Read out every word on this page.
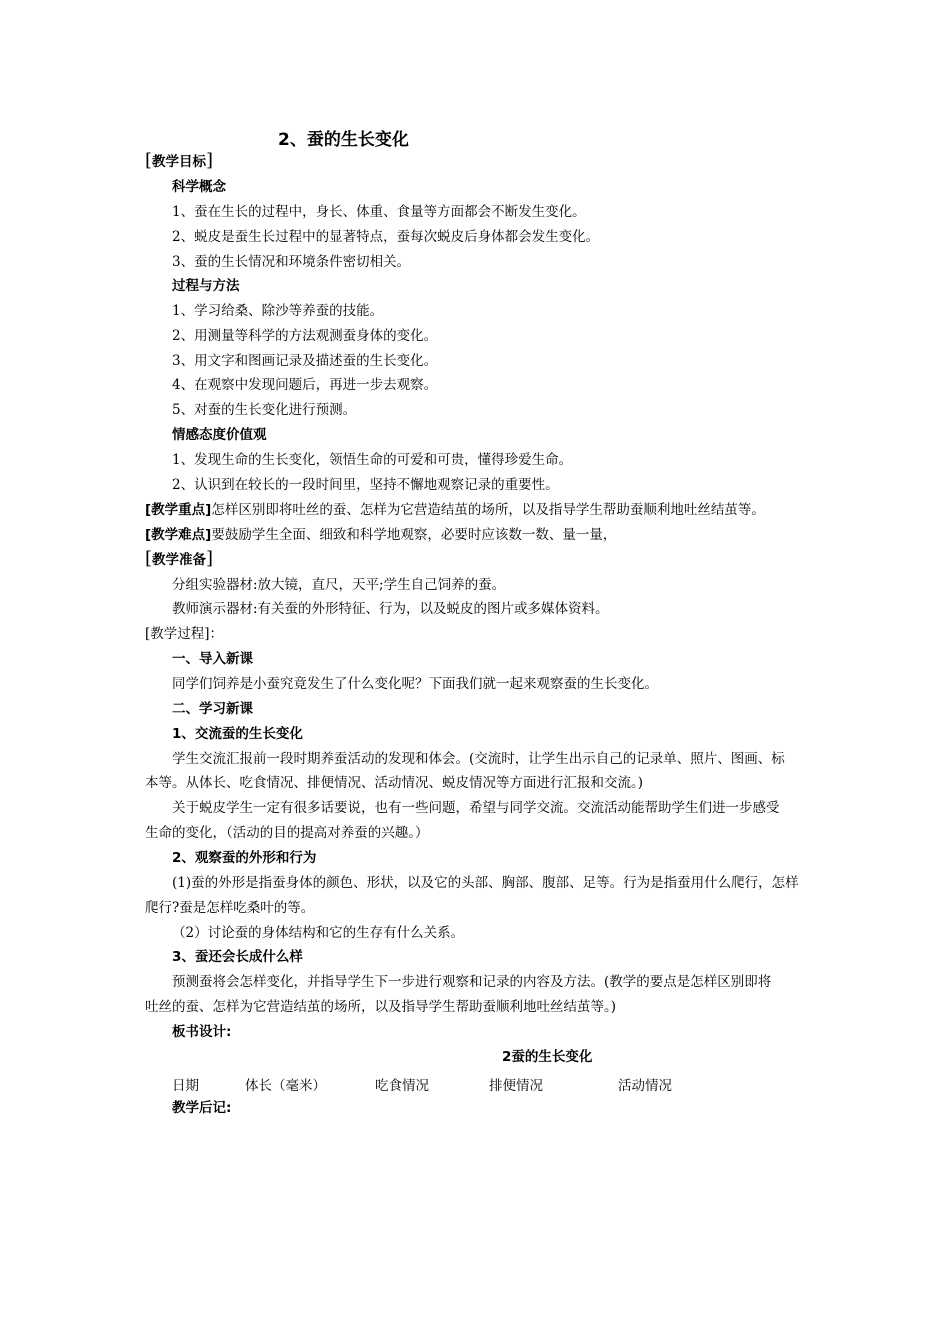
2、蚕的生长变化
[教学目标]
科学概念
1、蚕在生长的过程中，身长、体重、食量等方面都会不断发生变化。
2、蜕皮是蚕生长过程中的显著特点，蚕每次蜕皮后身体都会发生变化。
3、蚕的生长情况和环境条件密切相关。
过程与方法
1、学习给桑、除沙等养蚕的技能。
2、用测量等科学的方法观测蚕身体的变化。
3、用文字和图画记录及描述蚕的生长变化。
4、在观察中发现问题后，再进一步去观察。
5、对蚕的生长变化进行预测。
情感态度价值观
1、发现生命的生长变化，领悟生命的可爱和可贵，懂得珍爱生命。
2、认识到在较长的一段时间里，坚持不懈地观察记录的重要性。
[教学重点]怎样区别即将吐丝的蚕、怎样为它营造结茧的场所，以及指导学生帮助蚕顺利地吐丝结茧等。
[教学难点]要鼓励学生全面、细致和科学地观察，必要时应该数一数、量一量，
[教学准备]
分组实验器材:放大镜，直尺，天平;学生自己饲养的蚕。
教师演示器材:有关蚕的外形特征、行为，以及蜕皮的图片或多媒体资料。
[教学过程]：
一、导入新课
同学们饲养是小蚕究竟发生了什么变化呢？下面我们就一起来观察蚕的生长变化。
二、学习新课
1、交流蚕的生长变化
学生交流汇报前一段时期养蚕活动的发现和体会。(交流时，让学生出示自己的记录单、照片、图画、标
本等。从体长、吃食情况、排便情况、活动情况、蜕皮情况等方面进行汇报和交流。)
关于蜕皮学生一定有很多话要说，也有一些问题，希望与同学交流。交流活动能帮助学生们进一步感受
生命的变化，（活动的目的提高对养蚕的兴趣。）
2、观察蚕的外形和行为
(1)蚕的外形是指蚕身体的颜色、形状，以及它的头部、胸部、腹部、足等。行为是指蚕用什么爬行，怎样
爬行?蚕是怎样吃桑叶的等。
（2）讨论蚕的身体结构和它的生存有什么关系。
3、蚕还会长成什么样
预测蚕将会怎样变化，并指导学生下一步进行观察和记录的内容及方法。(教学的要点是怎样区别即将
吐丝的蚕、怎样为它营造结茧的场所，以及指导学生帮助蚕顺利地吐丝结茧等。)
板书设计:
2蚕的生长变化
日期	体长（毫米）	吃食情况	排便情况	活动情况
教学后记:
